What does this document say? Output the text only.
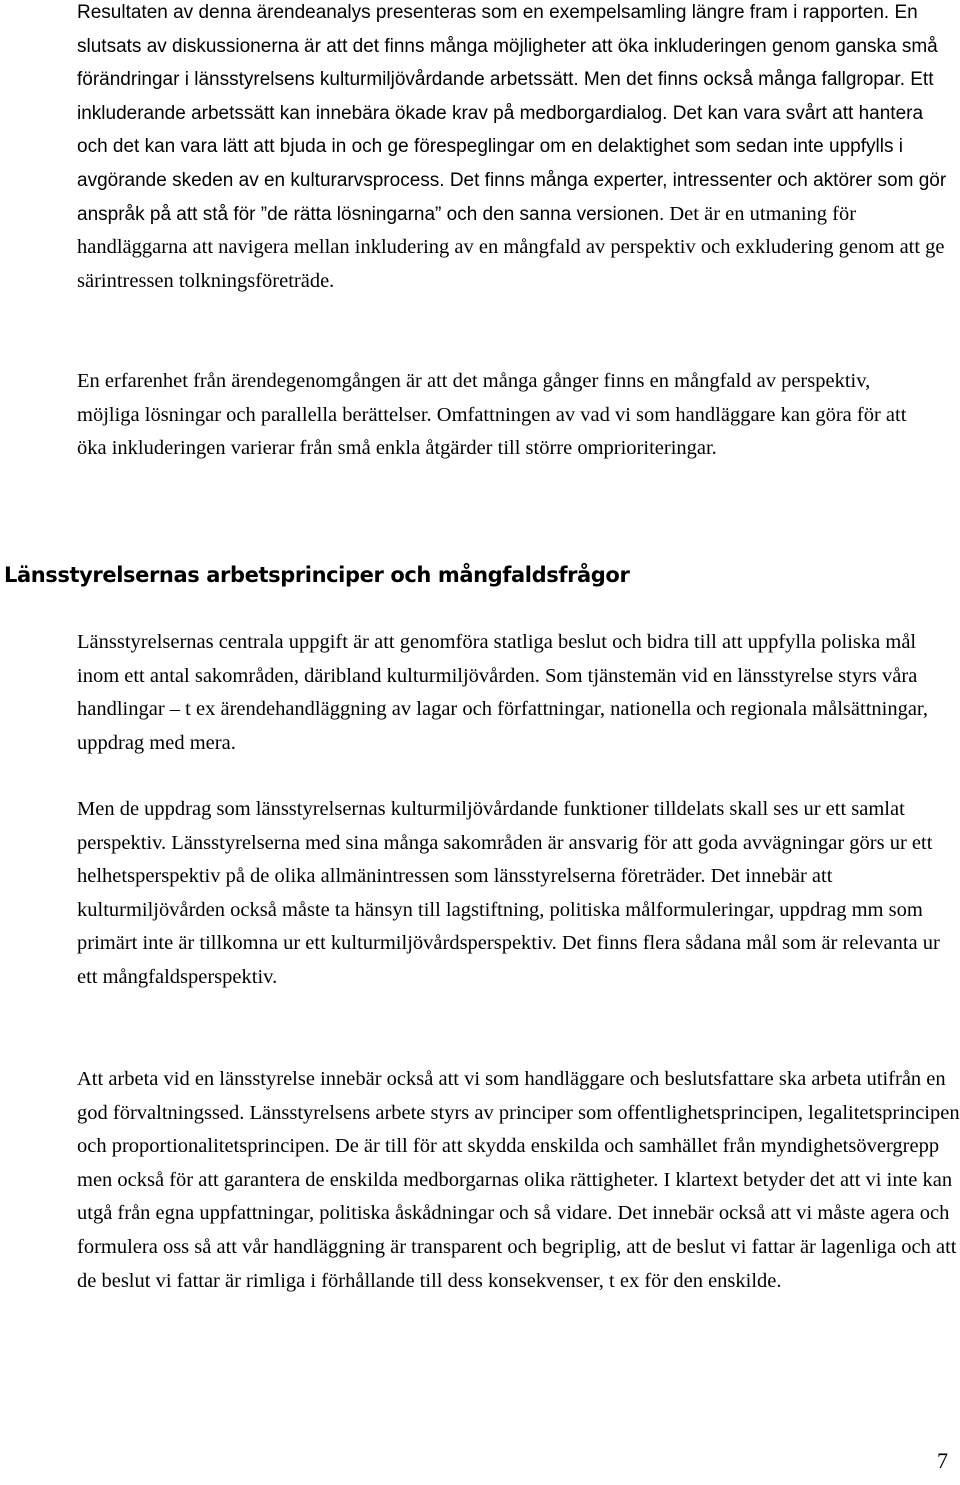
Resultaten av denna ärendeanalys presenteras som en exempelsamling längre fram i rapporten. En slutsats av diskussionerna är att det finns många möjligheter att öka inkluderingen genom ganska små förändringar i länsstyrelsens kulturmiljövårdande arbetssätt. Men det finns också många fallgropar. Ett inkluderande arbetssätt kan innebära ökade krav på medborgardialog. Det kan vara svårt att hantera och det kan vara lätt att bjuda in och ge förespeglingar om en delaktighet som sedan inte uppfylls i avgörande skeden av en kulturarvsprocess. Det finns många experter, intressenter och aktörer som gör anspråk på att stå för ”de rätta lösningarna” och den sanna versionen. Det är en utmaning för handläggarna att navigera mellan inkludering av en mångfald av perspektiv och exkludering genom att ge särintressen tolkningsföreträde.

En erfarenhet från ärendegenomgången är att det många gånger finns en mångfald av perspektiv, möjliga lösningar och parallella berättelser. Omfattningen av vad vi som handläggare kan göra för att öka inkluderingen varierar från små enkla åtgärder till större omprioriteringar.

Länsstyrelsernas arbetsprinciper och mångfaldsfrågor

Länsstyrelsernas centrala uppgift är att genomföra statliga beslut och bidra till att uppfylla poliska mål inom ett antal sakområden, däribland kulturmiljövården. Som tjänstemän vid en länsstyrelse styrs våra handlingar – t ex ärendehandläggning av lagar och författningar, nationella och regionala målsättningar, uppdrag med mera.

Men de uppdrag som länsstyrelsernas kulturmiljövårdande funktioner tilldelats skall ses ur ett samlat perspektiv. Länsstyrelserna med sina många sakområden är ansvarig för att goda avvägningar görs ur ett helhetsperspektiv på de olika allmänintressen som länsstyrelserna företräder. Det innebär att kulturmiljövården också måste ta hänsyn till lagstiftning, politiska målformuleringar, uppdrag mm som primärt inte är tillkomna ur ett kulturmiljövårdsperspektiv. Det finns flera sådana mål som är relevanta ur ett mångfaldsperspektiv.

Att arbeta vid en länsstyrelse innebär också att vi som handläggare och beslutsfattare ska arbeta utifrån en god förvaltningssed. Länsstyrelsens arbete styrs av principer som offentlighetsprincipen, legalitetsprincipen och proportionalitetsprincipen. De är till för att skydda enskilda och samhället från myndighetsövergrepp men också för att garantera de enskilda medborgarnas olika rättigheter. I klartext betyder det att vi inte kan utgå från egna uppfattningar, politiska åskådningar och så vidare. Det innebär också att vi måste agera och formulera oss så att vår handläggning är transparent och begriplig, att de beslut vi fattar är lagenliga och att de beslut vi fattar är rimliga i förhållande till dess konsekvenser, t ex för den enskilde.

7
